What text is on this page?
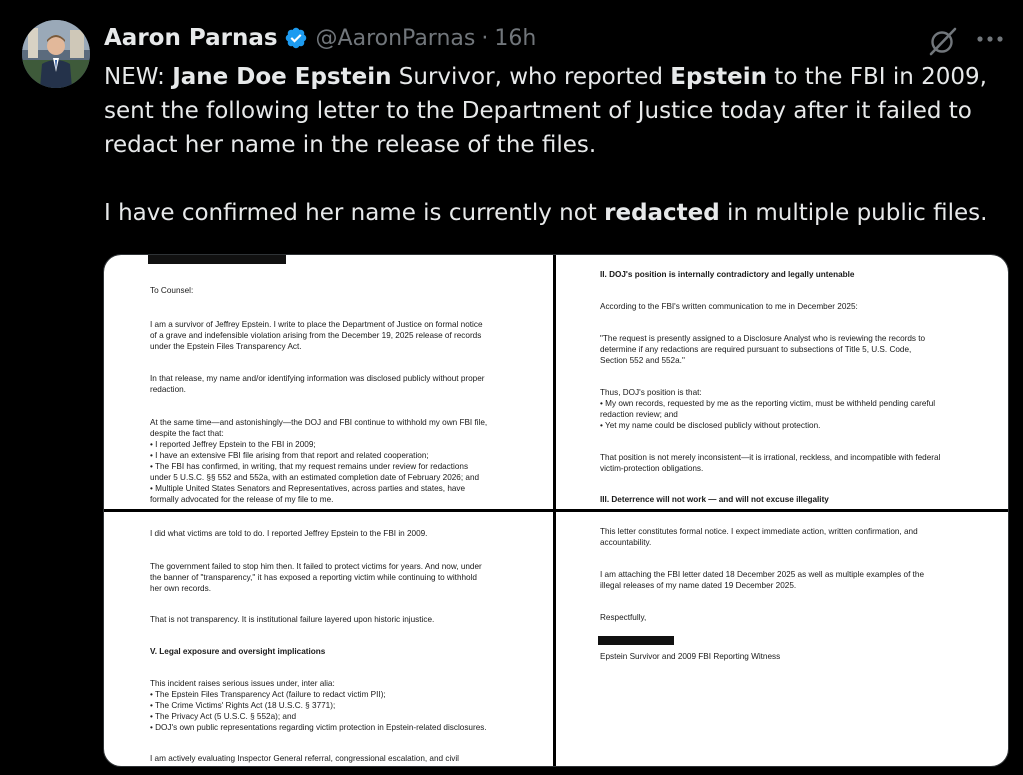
Aaron Parnas @AaronParnas · 16h

NEW: Jane Doe Epstein Survivor, who reported Epstein to the FBI in 2009,

sent the following letter to the Department of Justice today after it failed to

redact her name in the release of the files.

I have confirmed her name is currently not redacted in multiple public files.

To Counsel:
I am a survivor of Jeffrey Epstein. I write to place the Department of Justice on formal notice
of a grave and indefensible violation arising from the December 19, 2025 release of records
under the Epstein Files Transparency Act.
In that release, my name and/or identifying information was disclosed publicly without proper
redaction.
At the same time—and astonishingly—the DOJ and FBI continue to withhold my own FBI file,
despite the fact that:
• I reported Jeffrey Epstein to the FBI in 2009;
• I have an extensive FBI file arising from that report and related cooperation;
• The FBI has confirmed, in writing, that my request remains under review for redactions
under 5 U.S.C. §§ 552 and 552a, with an estimated completion date of February 2026; and
• Multiple United States Senators and Representatives, across parties and states, have
formally advocated for the release of my file to me.
II. DOJ's position is internally contradictory and legally untenable
According to the FBI's written communication to me in December 2025:
"The request is presently assigned to a Disclosure Analyst who is reviewing the records to
determine if any redactions are required pursuant to subsections of Title 5, U.S. Code,
Section 552 and 552a."
Thus, DOJ's position is that:
• My own records, requested by me as the reporting victim, must be withheld pending careful
redaction review; and
• Yet my name could be disclosed publicly without protection.
That position is not merely inconsistent—it is irrational, reckless, and incompatible with federal
victim-protection obligations.
III. Deterrence will not work — and will not excuse illegality
I did what victims are told to do. I reported Jeffrey Epstein to the FBI in 2009.
The government failed to stop him then. It failed to protect victims for years. And now, under
the banner of "transparency," it has exposed a reporting victim while continuing to withhold
her own records.
That is not transparency. It is institutional failure layered upon historic injustice.
V. Legal exposure and oversight implications
This incident raises serious issues under, inter alia:
• The Epstein Files Transparency Act (failure to redact victim PII);
• The Crime Victims' Rights Act (18 U.S.C. § 3771);
• The Privacy Act (5 U.S.C. § 552a); and
• DOJ's own public representations regarding victim protection in Epstein-related disclosures.
I am actively evaluating Inspector General referral, congressional escalation, and civil
This letter constitutes formal notice. I expect immediate action, written confirmation, and
accountability.
I am attaching the FBI letter dated 18 December 2025 as well as multiple examples of the
illegal releases of my name dated 19 December 2025.
Respectfully,
Epstein Survivor and 2009 FBI Reporting Witness
